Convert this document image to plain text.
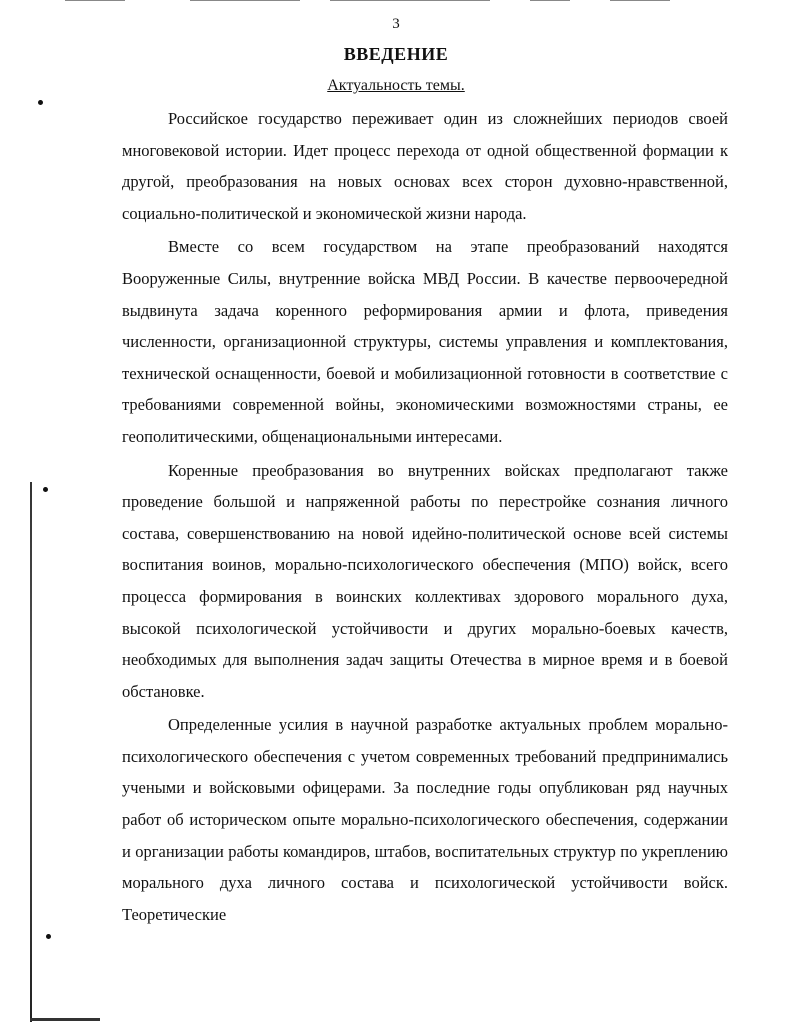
3
ВВЕДЕНИЕ
Актуальность темы.

Российское государство переживает один из сложнейших периодов своей многовековой истории. Идет процесс перехода от одной общественной формации к другой, преобразования на новых основах всех сторон духовно-нравственной, социально-политической и экономической жизни народа.

Вместе со всем государством на этапе преобразований находятся Вооруженные Силы, внутренние войска МВД России. В качестве первоочередной выдвинута задача коренного реформирования армии и флота, приведения численности, организационной структуры, системы управления и комплектования, технической оснащенности, боевой и мобилизационной готовности в соответствие с требованиями современной войны, экономическими возможностями страны, ее геополитическими, общенациональными интересами.

Коренные преобразования во внутренних войсках предполагают также проведение большой и напряженной работы по перестройке сознания личного состава, совершенствованию на новой идейно-политической основе всей системы воспитания воинов, морально-психологического обеспечения (МПО) войск, всего процесса формирования в воинских коллективах здорового морального духа, высокой психологической устойчивости и других морально-боевых качеств, необходимых для выполнения задач защиты Отечества в мирное время и в боевой обстановке.

Определенные усилия в научной разработке актуальных проблем морально-психологического обеспечения с учетом современных требований предпринимались учеными и войсковыми офицерами. За последние годы опубликован ряд научных работ об историческом опыте морально-психологического обеспечения, содержании и организации работы командиров, штабов, воспитательных структур по укреплению морального духа личного состава и психологической устойчивости войск. Теоретические
